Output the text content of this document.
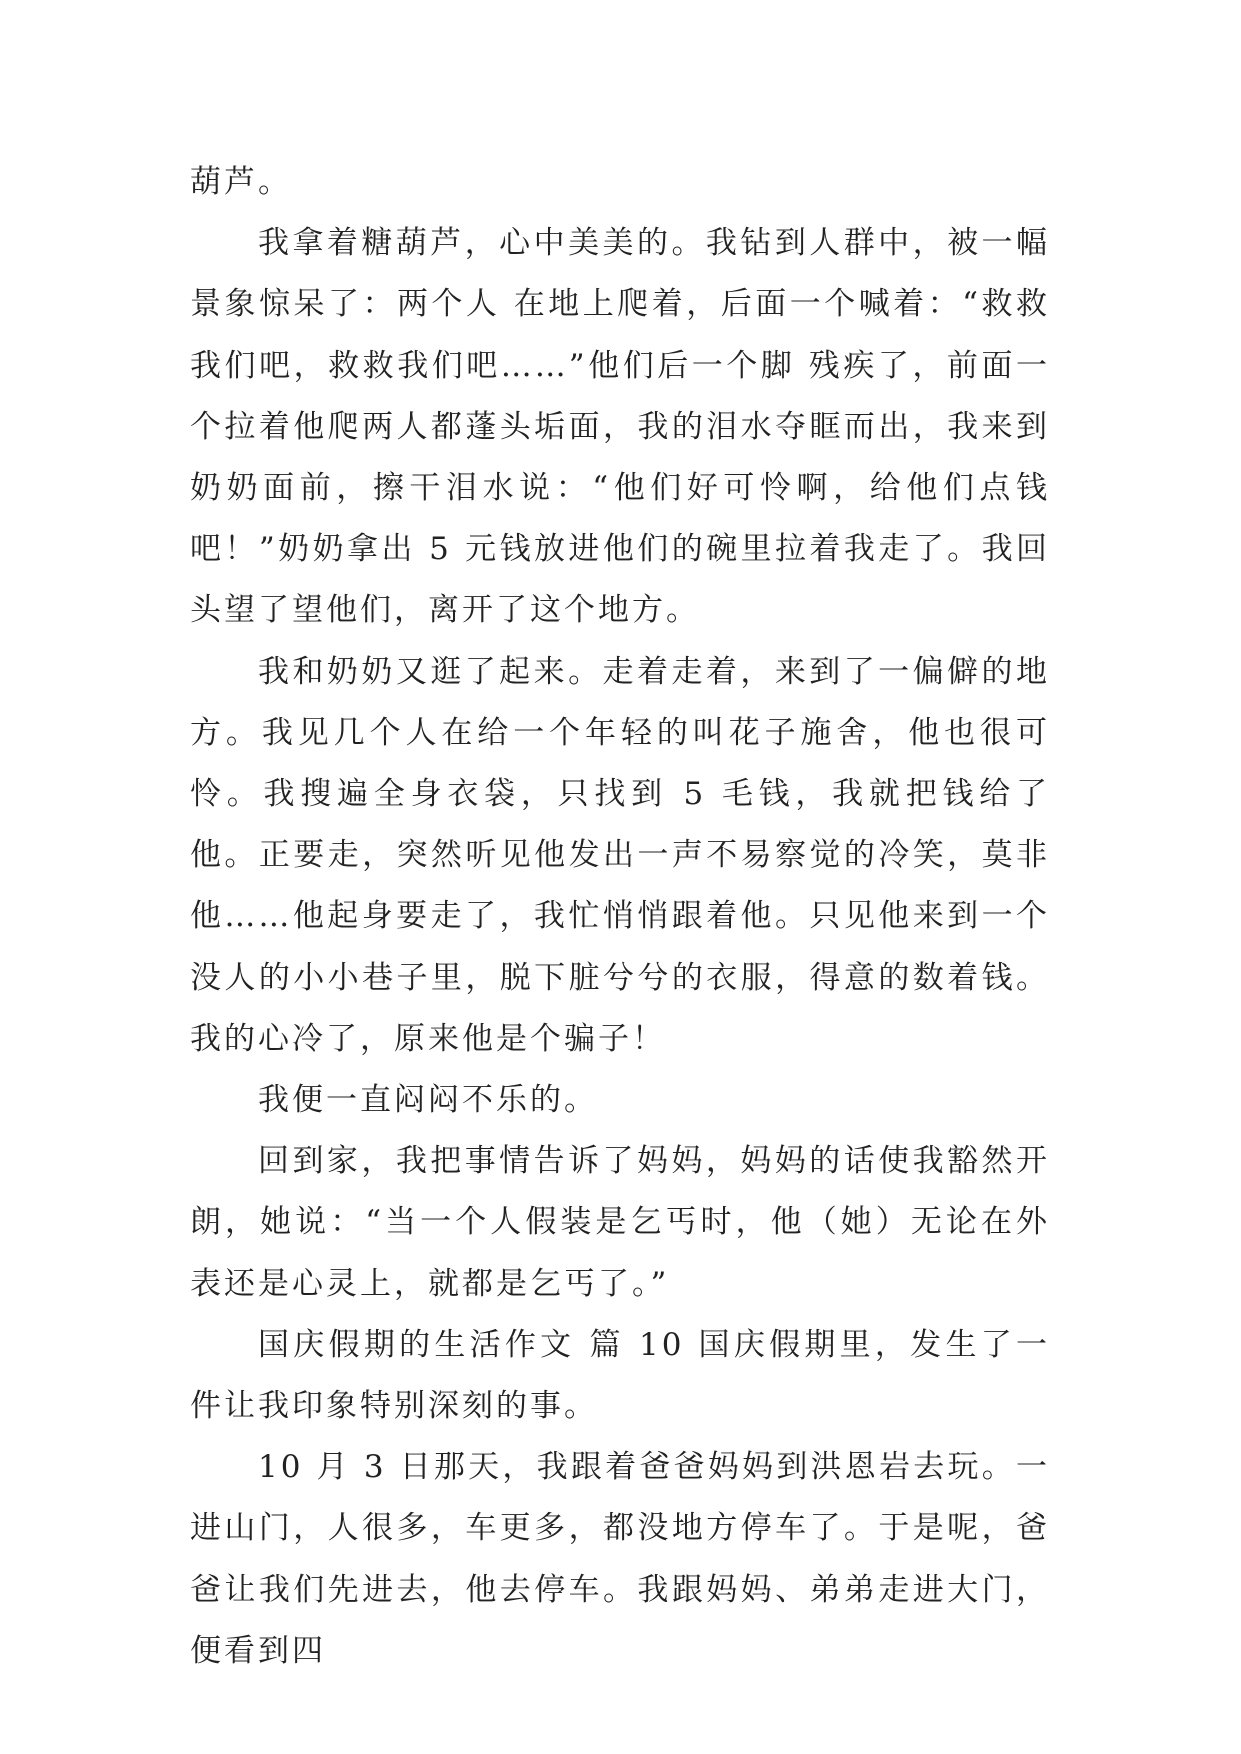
葫芦。

我拿着糖葫芦，心中美美的。我钻到人群中，被一幅景象惊呆了：两个人 在地上爬着，后面一个喊着：“救救我们吧，救救我们吧……”他们后一个脚 残疾了，前面一个拉着他爬两人都蓬头垢面，我的泪水夺眶而出，我来到奶奶面前，擦干泪水说：“他们好可怜啊，给他们点钱吧！”奶奶拿出 5 元钱放进他们的碗里拉着我走了。我回头望了望他们，离开了这个地方。

我和奶奶又逛了起来。走着走着，来到了一偏僻的地方。我见几个人在给一个年轻的叫花子施舍，他也很可怜。我搜遍全身衣袋，只找到 5 毛钱，我就把钱给了他。正要走，突然听见他发出一声不易察觉的冷笑，莫非他……他起身要走了，我忙悄悄跟着他。只见他来到一个没人的小小巷子里，脱下脏兮兮的衣服，得意的数着钱。我的心冷了，原来他是个骗子！

我便一直闷闷不乐的。

回到家，我把事情告诉了妈妈，妈妈的话使我豁然开朗，她说：“当一个人假装是乞丐时，他（她）无论在外表还是心灵上，就都是乞丐了。”

国庆假期的生活作文 篇 10 国庆假期里，发生了一件让我印象特别深刻的事。

10 月 3 日那天，我跟着爸爸妈妈到洪恩岩去玩。一进山门，人很多，车更多，都没地方停车了。于是呢，爸爸让我们先进去，他去停车。我跟妈妈、弟弟走进大门，便看到四
